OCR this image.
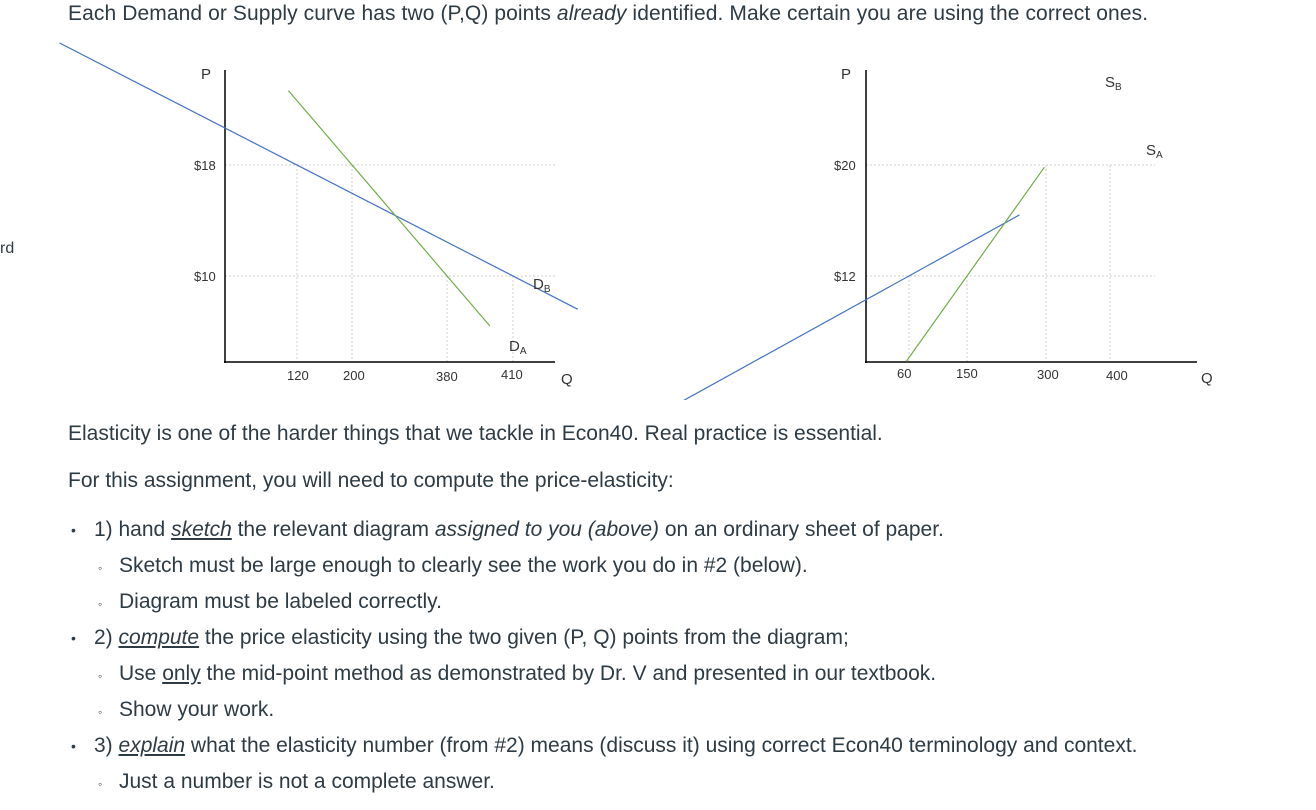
rd
Each Demand or Supply curve has two (P,Q) points already identified. Make certain you are using the correct ones.
P
Q
$18
$10
120	200	380	410
$D_A$
$D_B$
P
Q
$20
$12
60	150	300	400
$S_B$
$S_A$
Elasticity is one of the harder things that we tackle in Econ40. Real practice is essential.
For this assignment, you will need to compute the price-elasticity:
• 1) hand sketch the relevant diagram assigned to you (above) on an ordinary sheet of paper.
◦ Sketch must be large enough to clearly see the work you do in #2 (below).
◦ Diagram must be labeled correctly.
• 2) compute the price elasticity using the two given (P, Q) points from the diagram;
◦ Use only the mid-point method as demonstrated by Dr. V and presented in our textbook.
◦ Show your work.
• 3) explain what the elasticity number (from #2) means (discuss it) using correct Econ40 terminology and context.
◦ Just a number is not a complete answer.
